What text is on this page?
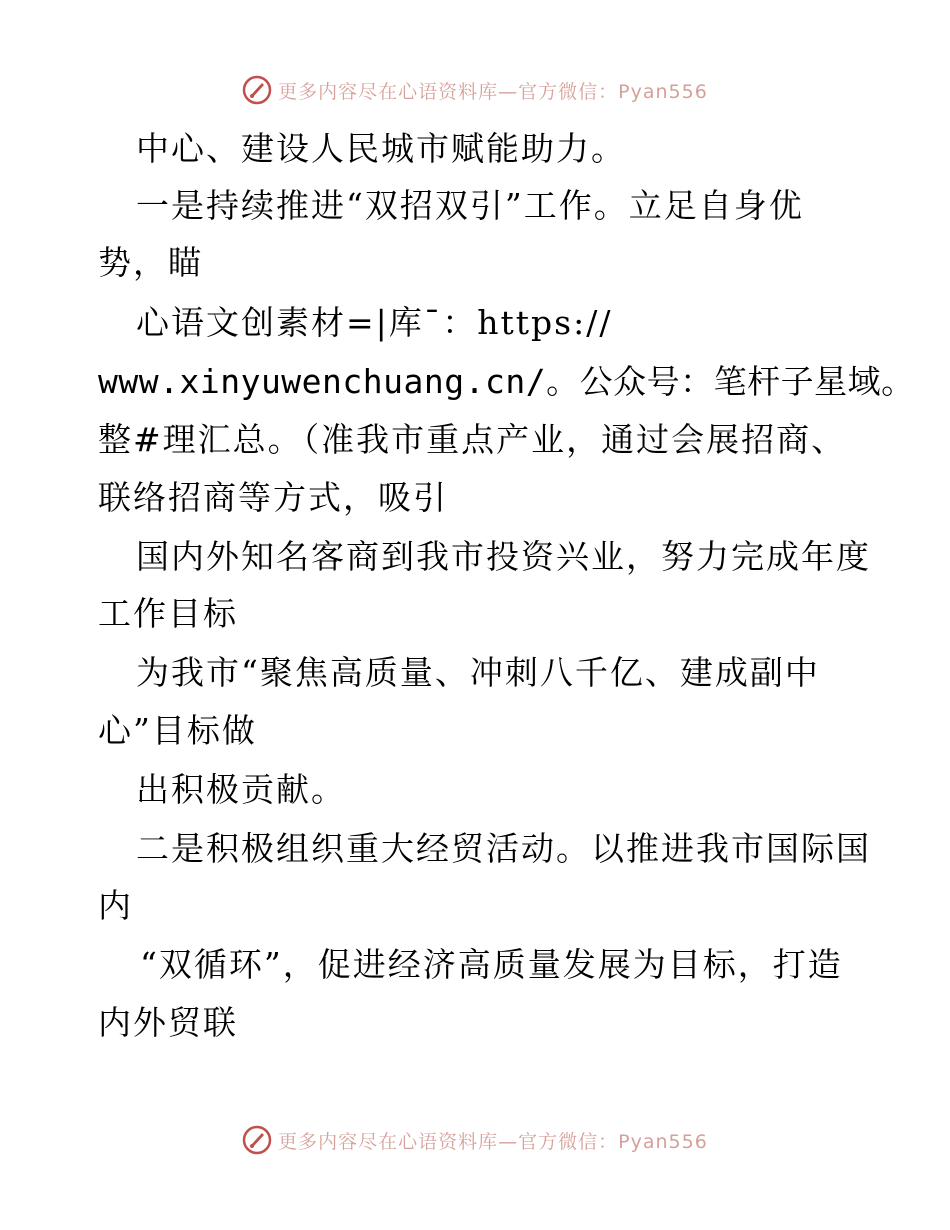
更多内容尽在心语资料库—官方微信：Pyan556
中心、建设人民城市赋能助力。
一是持续推进“双招双引”工作。立足自身优
势，瞄
心语文创素材=|库¯：https://
www.xinyuwenchuang.cn/。公众号：笔杆子星域。
整#理汇总。（准我市重点产业，通过会展招商、
联络招商等方式，吸引
国内外知名客商到我市投资兴业，努力完成年度
工作目标
为我市“聚焦高质量、冲刺八千亿、建成副中
心”目标做
出积极贡献。
二是积极组织重大经贸活动。以推进我市国际国
内
“双循环”，促进经济高质量发展为目标，打造
内外贸联
更多内容尽在心语资料库—官方微信：Pyan556
